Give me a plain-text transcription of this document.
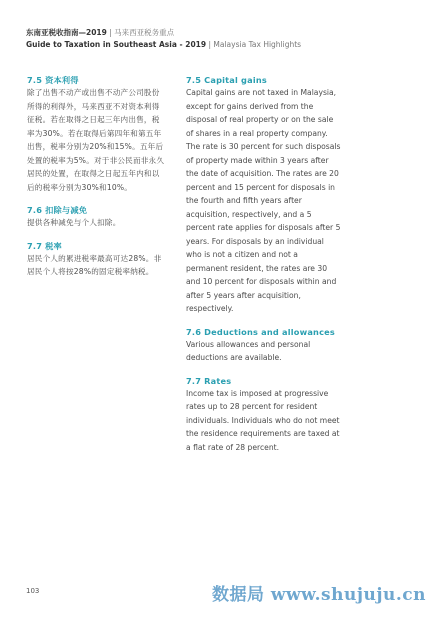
东南亚税收指南—2019 | 马来西亚税务重点
Guide to Taxation in Southeast Asia - 2019 | Malaysia Tax Highlights

7.5 资本利得

除了出售不动产或出售不动产公司股份所得的利得外，马来西亚不对资本利得征税。若在取得之日起三年内出售，税率为30%。若在取得后第四年和第五年出售，税率分别为20%和15%。五年后处置的税率为5%。对于非公民而非永久居民的处置，在取得之日起五年内和以后的税率分别为30%和10%。

7.6 扣除与减免

提供各种减免与个人扣除。

7.7 税率

居民个人的累进税率最高可达28%。非居民个人将按28%的固定税率纳税。

7.5 Capital gains

Capital gains are not taxed in Malaysia, except for gains derived from the disposal of real property or on the sale of shares in a real property company. The rate is 30 percent for such disposals of property made within 3 years after the date of acquisition. The rates are 20 percent and 15 percent for disposals in the fourth and fifth years after acquisition, respectively, and a 5 percent rate applies for disposals after 5 years. For disposals by an individual who is not a citizen and not a permanent resident, the rates are 30 and 10 percent for disposals within and after 5 years after acquisition, respectively.

7.6 Deductions and allowances

Various allowances and personal deductions are available.

7.7 Rates

Income tax is imposed at progressive rates up to 28 percent for resident individuals. Individuals who do not meet the residence requirements are taxed at a flat rate of 28 percent.

103	数据局 www.shujuju.cn
